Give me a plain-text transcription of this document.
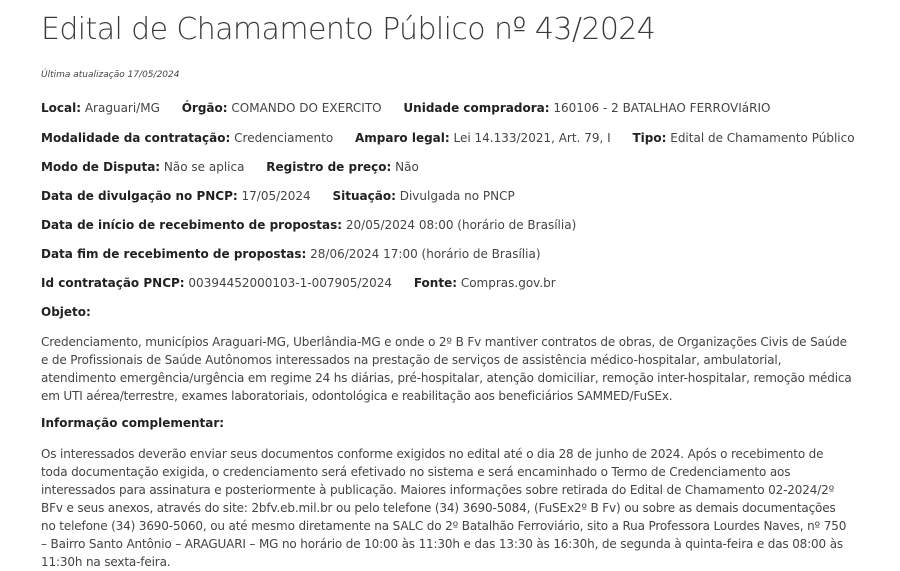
Edital de Chamamento Público nº 43/2024
Última atualização 17/05/2024
Local: Araguari/MG Órgão: COMANDO DO EXERCITO Unidade compradora: 160106 - 2 BATALHAO FERROVIáRIO
Modalidade da contratação: Credenciamento Amparo legal: Lei 14.133/2021, Art. 79, I Tipo: Edital de Chamamento Público
Modo de Disputa: Não se aplica Registro de preço: Não
Data de divulgação no PNCP: 17/05/2024 Situação: Divulgada no PNCP
Data de início de recebimento de propostas: 20/05/2024 08:00 (horário de Brasília)
Data fim de recebimento de propostas: 28/06/2024 17:00 (horário de Brasília)
Id contratação PNCP: 00394452000103-1-007905/2024 Fonte: Compras.gov.br
Objeto:
Credenciamento, municípios Araguari-MG, Uberlândia-MG e onde o 2º B Fv mantiver contratos de obras, de Organizações Civis de Saúde e de Profissionais de Saúde Autônomos interessados na prestação de serviços de assistência médico-hospitalar, ambulatorial, atendimento emergência/urgência em regime 24 hs diárias, pré-hospitalar, atenção domiciliar, remoção inter-hospitalar, remoção médica em UTI aérea/terrestre, exames laboratoriais, odontológica e reabilitação aos beneficiários SAMMED/FuSEx.
Informação complementar:
Os interessados deverão enviar seus documentos conforme exigidos no edital até o dia 28 de junho de 2024. Após o recebimento de toda documentação exigida, o credenciamento será efetivado no sistema e será encaminhado o Termo de Credenciamento aos interessados para assinatura e posteriormente à publicação. Maiores informações sobre retirada do Edital de Chamamento 02-2024/2º BFv e seus anexos, através do site: 2bfv.eb.mil.br ou pelo telefone (34) 3690-5084, (FuSEx2º B Fv) ou sobre as demais documentações no telefone (34) 3690-5060, ou até mesmo diretamente na SALC do 2º Batalhão Ferroviário, sito a Rua Professora Lourdes Naves, nº 750 – Bairro Santo Antônio – ARAGUARI – MG no horário de 10:00 às 11:30h e das 13:30 às 16:30h, de segunda à quinta-feira e das 08:00 às 11:30h na sexta-feira.
